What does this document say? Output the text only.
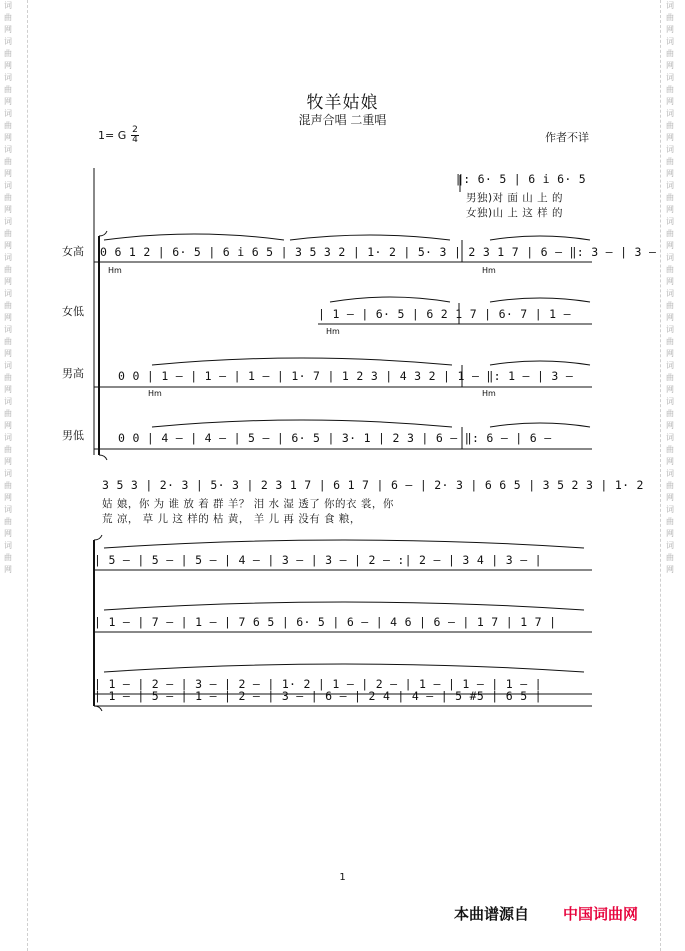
词曲网词曲网词曲网词曲网词曲网词曲网词曲网词曲网词曲网词曲网词曲网词曲网词曲网词曲网词曲网词曲网
词曲网词曲网词曲网词曲网词曲网词曲网词曲网词曲网词曲网词曲网词曲网词曲网词曲网词曲网词曲网词曲网
牧羊姑娘
混声合唱 二重唱
1= G 2
4	作者不详
女高
女低
男高
男低
‖: 6· 5 | 6 i 6· 5
男独)对 面 山 上 的
女独)山 上 这 样 的
0 6 1 2 | 6· 5 | 6 i 6 5 | 3 5 3 2 | 1· 2 | 5· 3 | 2 3 1 7 | 6 – ‖: 3 – | 3 –
Hm	Hm
| 1 – | 6· 5 | 6 2 1 7 | 6· 7 | 1 –
Hm
0 0 | 1 – | 1 – | 1 – | 1· 7 | 1 2 3 | 4 3 2 | 1 – ‖: 1 – | 3 –
Hm	Hm
0 0 | 4 – | 4 – | 5 – | 6· 5 | 3· 1 | 2 3 | 6 – ‖: 6 – | 6 –
3 5 3 | 2· 3 | 5· 3 | 2 3 1 7 | 6 1 7 | 6 – | 2· 3 | 6 6 5 | 3 5 2 3 | 1· 2
姑 娘，你 为 谁 放 着 群 羊？ 泪 水 湿 透了 你的衣 裳，你
荒 凉， 草 儿 这 样的 枯 黄， 羊 儿 再 没有 食 粮，
| 5 – | 5 – | 5 – | 4 – | 3 – | 3 – | 2 – :| 2 – | 3 4 | 3 – |
| 1 – | 7 – | 1 – | 7 6 5 | 6· 5 | 6 – | 4 6 | 6 – | 1 7 | 1 7 |
| 1 – | 2 – | 3 – | 2 – | 1· 2 | 1 – | 2 – | 1 – | 1 – | 1 – |
| 1 – | 5 – | 1 – | 2 – | 3 – | 6 – | 2 4 | 4 – | 5 #5 | 6 5 |
1
本曲谱源自 中国词曲网
